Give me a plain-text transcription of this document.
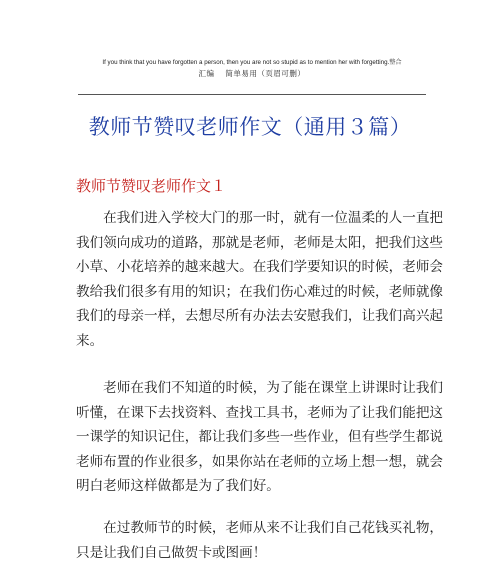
If you think that you have forgotten a person, then you are not so stupid as to mention her with forgetting.整合
汇编　 简单易用（页眉可删）
教师节赞叹老师作文（通用３篇）
教师节赞叹老师作文１
　　在我们进入学校大门的那一时，就有一位温柔的人一直把
我们领向成功的道路，那就是老师，老师是太阳，把我们这些
小草、小花培养的越来越大。在我们学要知识的时候，老师会
教给我们很多有用的知识；在我们伤心难过的时候，老师就像
我们的母亲一样，去想尽所有办法去安慰我们，让我们高兴起
来。
　　老师在我们不知道的时候，为了能在课堂上讲课时让我们
听懂，在课下去找资料、查找工具书，老师为了让我们能把这
一课学的知识记住，都让我们多些一些作业，但有些学生都说
老师布置的作业很多，如果你站在老师的立场上想一想，就会
明白老师这样做都是为了我们好。
　　在过教师节的时候，老师从来不让我们自己花钱买礼物，
只是让我们自己做贺卡或图画！
